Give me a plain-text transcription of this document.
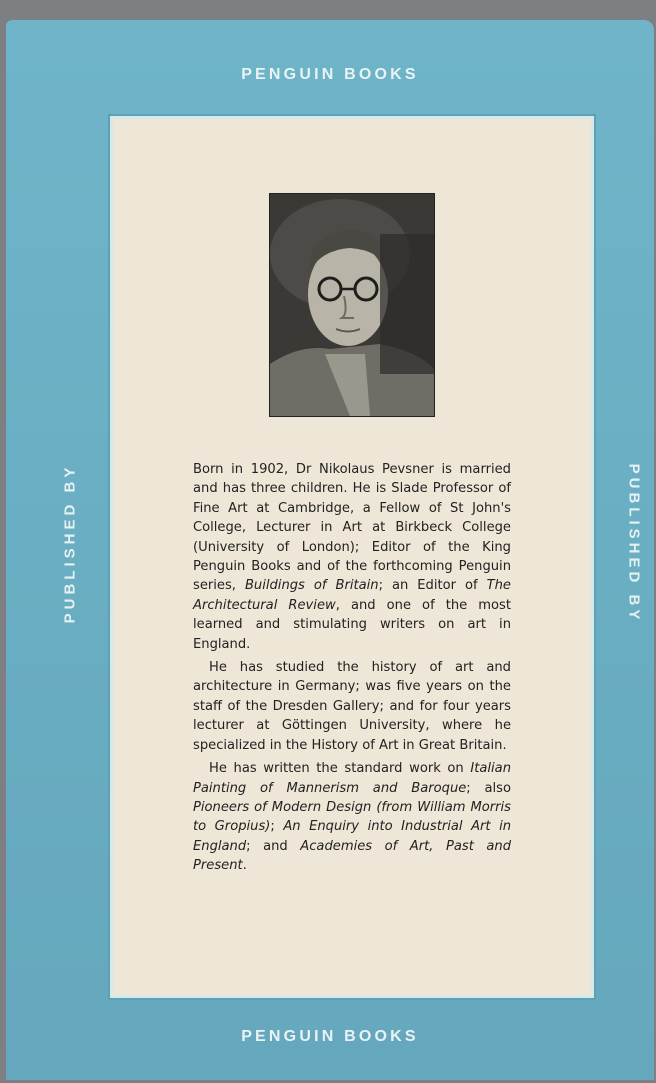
PENGUIN BOOKS
PUBLISHED BY	PUBLISHED BY

Born in 1902, Dr Nikolaus Pevsner is married and has three children. He is Slade Professor of Fine Art at Cambridge, a Fellow of St John's College, Lecturer in Art at Birkbeck College (University of London); Editor of the King Penguin Books and of the forthcoming Penguin series, Buildings of Britain; an Editor of The Architectural Review, and one of the most learned and stimulating writers on art in England.

He has studied the history of art and architecture in Germany; was five years on the staff of the Dresden Gallery; and for four years lecturer at Göttingen University, where he specialized in the History of Art in Great Britain.

He has written the standard work on Italian Painting of Mannerism and Baroque; also Pioneers of Modern Design (from William Morris to Gropius); An Enquiry into Industrial Art in England; and Academies of Art, Past and Present.

PENGUIN BOOKS
